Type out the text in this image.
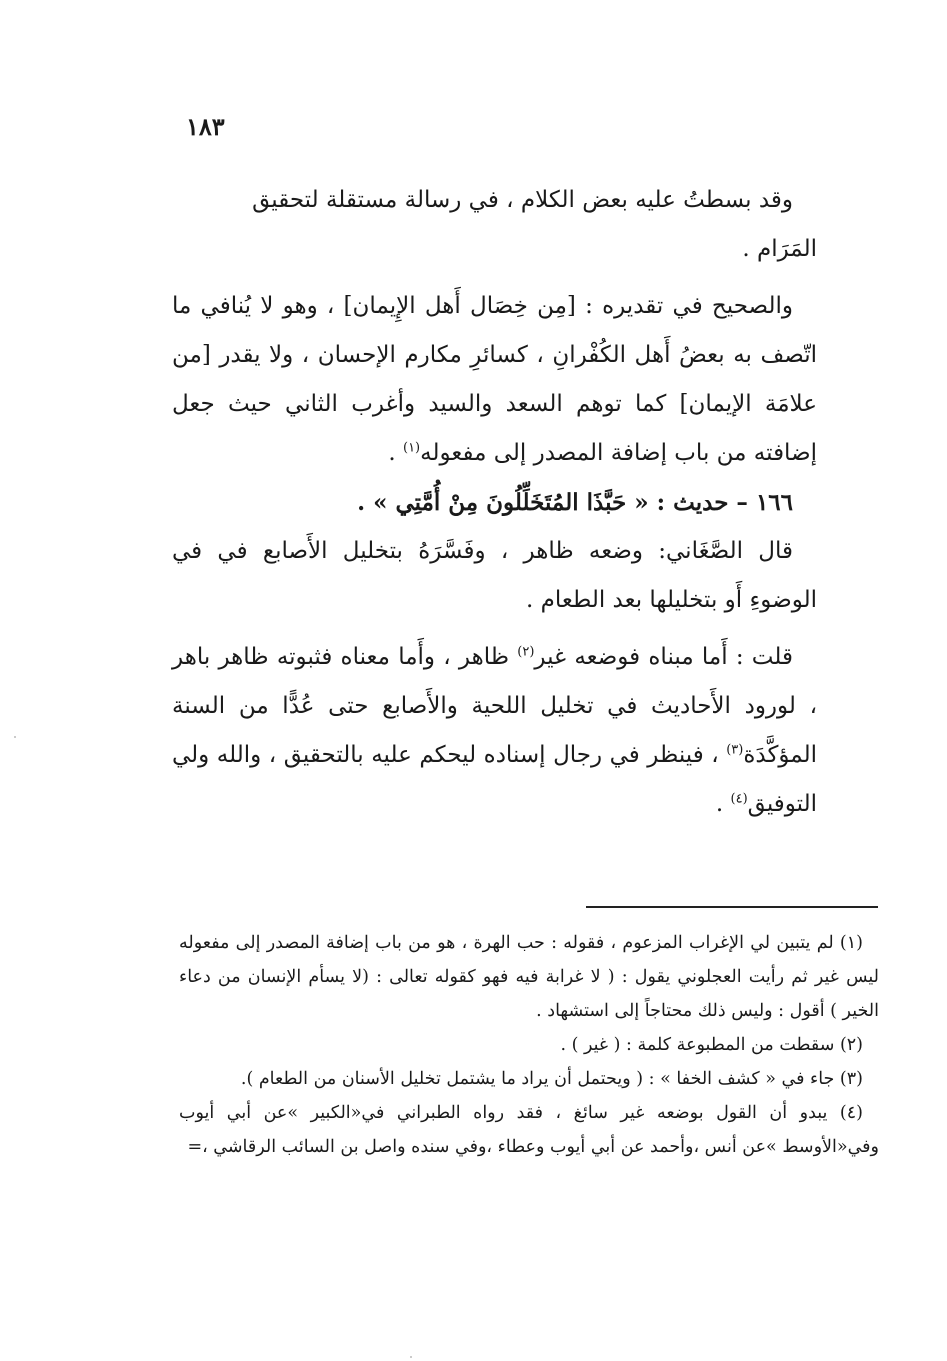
١٨٣

وقد بسطتُ عليه بعض الكلام ، في رسالة مستقلة لتحقيق
المَرَام .

والصحيح في تقديره : [مِن خِصَال أَهل الإِيمان] ، وهو لا يُنافي ما اتّصف به بعضُ أَهل الكُفْرانِ ، كسائرِ مكارم الإحسان ، ولا يقدر [من علامَة الإيمان] كما توهم السعد والسيد وأغرب الثاني حيث جعل إضافته من باب إضافة المصدر إلى مفعوله$^{(١)}$ .

١٦٦ – حديث : « حَبَّذَا المُتَخَلِّلُونَ مِنْ أُمَّتِي » .

قال الصَّغَاني: وضعه ظاهر ، وفَسَّرَهُ بتخليل الأَصابع في في الوضوءِ أَو بتخليلها بعد الطعام .

قلت : أَما مبناه فوضعه غير$^{(٢)}$ ظاهر ، وأَما معناه فثبوته ظاهر باهر ، لورود الأَحاديث في تخليل اللحية والأَصابع حتى عُدًّا من السنة المؤكَّدَة$^{(٣)}$ ، فينظر في رجال إسناده ليحكم عليه بالتحقيق ، والله ولي التوفيق$^{(٤)}$ .

(١) لم يتبين لي الإغراب المزعوم ، فقوله : حب الهرة ، هو من باب إضافة المصدر إلى مفعوله ليس غير ثم رأيت العجلوني يقول : ( لا غرابة فيه فهو كقوله تعالى : (لا يسأم الإنسان من دعاء الخير ) أقول : وليس ذلك محتاجاً إلى استشهاد .

(٢) سقطت من المطبوعة كلمة : ( غير ) .

(٣) جاء في « كشف الخفا » : ( ويحتمل أن يراد ما يشتمل تخليل الأسنان من الطعام ).

(٤) يبدو أن القول بوضعه غير سائغ ، فقد رواه الطبراني في«الكبير »عن أبي أيوب وفي«الأوسط »عن أنس ،وأحمد عن أبي أيوب وعطاء ،وفي سنده واصل بن السائب الرقاشي ،=
